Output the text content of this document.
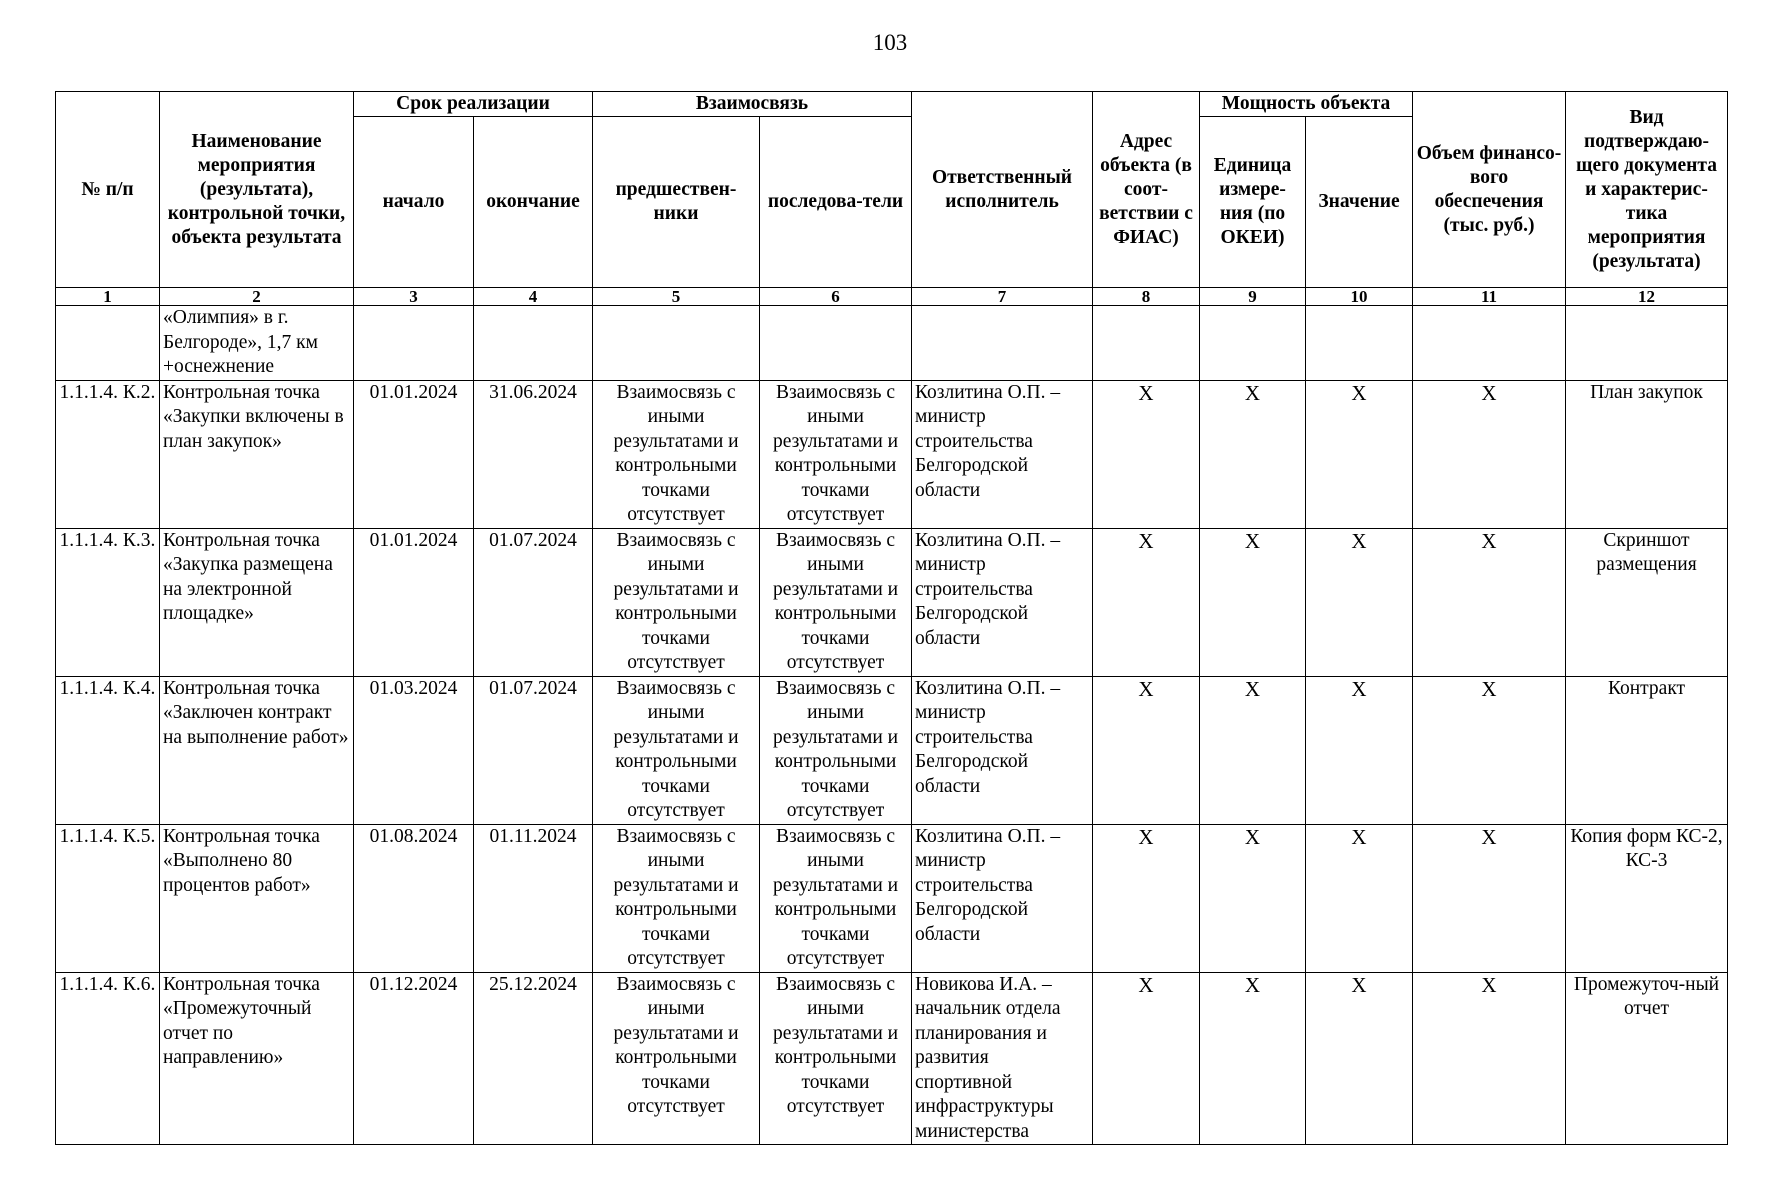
103
№ п/п	Наименование мероприятия (результата), контрольной точки, объекта результата	Срок реализации		Взаимосвязь		Ответственный исполнитель	Адрес объекта (в соот-ветствии с ФИАС)	Мощность объекта		Объем финансо-вого обеспечения (тыс. руб.)	Вид подтверждаю-щего документа и характерис-тика мероприятия (результата)
		начало	окончание	предшествен-ники	последова-тели			Единица измере-ния (по ОКЕИ)	Значение		
1	2	3	4	5	6	7	8	9	10	11	12
	«Олимпия» в г. Белгороде», 1,7 км +оснежнение										
1.1.1.4. К.2.	Контрольная точка «Закупки включены в план закупок»	01.01.2024	31.06.2024	Взаимосвязь с иными результатами и контрольными точками отсутствует	Взаимосвязь с иными результатами и контрольными точками отсутствует	Козлитина О.П. – министр строительства Белгородской области	X	X	X	X	План закупок
1.1.1.4. К.3.	Контрольная точка «Закупка размещена на электронной площадке»	01.01.2024	01.07.2024	Взаимосвязь с иными результатами и контрольными точками отсутствует	Взаимосвязь с иными результатами и контрольными точками отсутствует	Козлитина О.П. – министр строительства Белгородской области	X	X	X	X	Скриншот размещения
1.1.1.4. К.4.	Контрольная точка «Заключен контракт на выполнение работ»	01.03.2024	01.07.2024	Взаимосвязь с иными результатами и контрольными точками отсутствует	Взаимосвязь с иными результатами и контрольными точками отсутствует	Козлитина О.П. – министр строительства Белгородской области	X	X	X	X	Контракт
1.1.1.4. К.5.	Контрольная точка «Выполнено 80 процентов работ»	01.08.2024	01.11.2024	Взаимосвязь с иными результатами и контрольными точками отсутствует	Взаимосвязь с иными результатами и контрольными точками отсутствует	Козлитина О.П. – министр строительства Белгородской области	X	X	X	X	Копия форм КС-2, КС-3
1.1.1.4. К.6.	Контрольная точка «Промежуточный отчет по направлению»	01.12.2024	25.12.2024	Взаимосвязь с иными результатами и контрольными точками отсутствует	Взаимосвязь с иными результатами и контрольными точками отсутствует	Новикова И.А. – начальник отдела планирования и развития спортивной инфраструктуры министерства	X	X	X	X	Промежуточ-ный отчет
